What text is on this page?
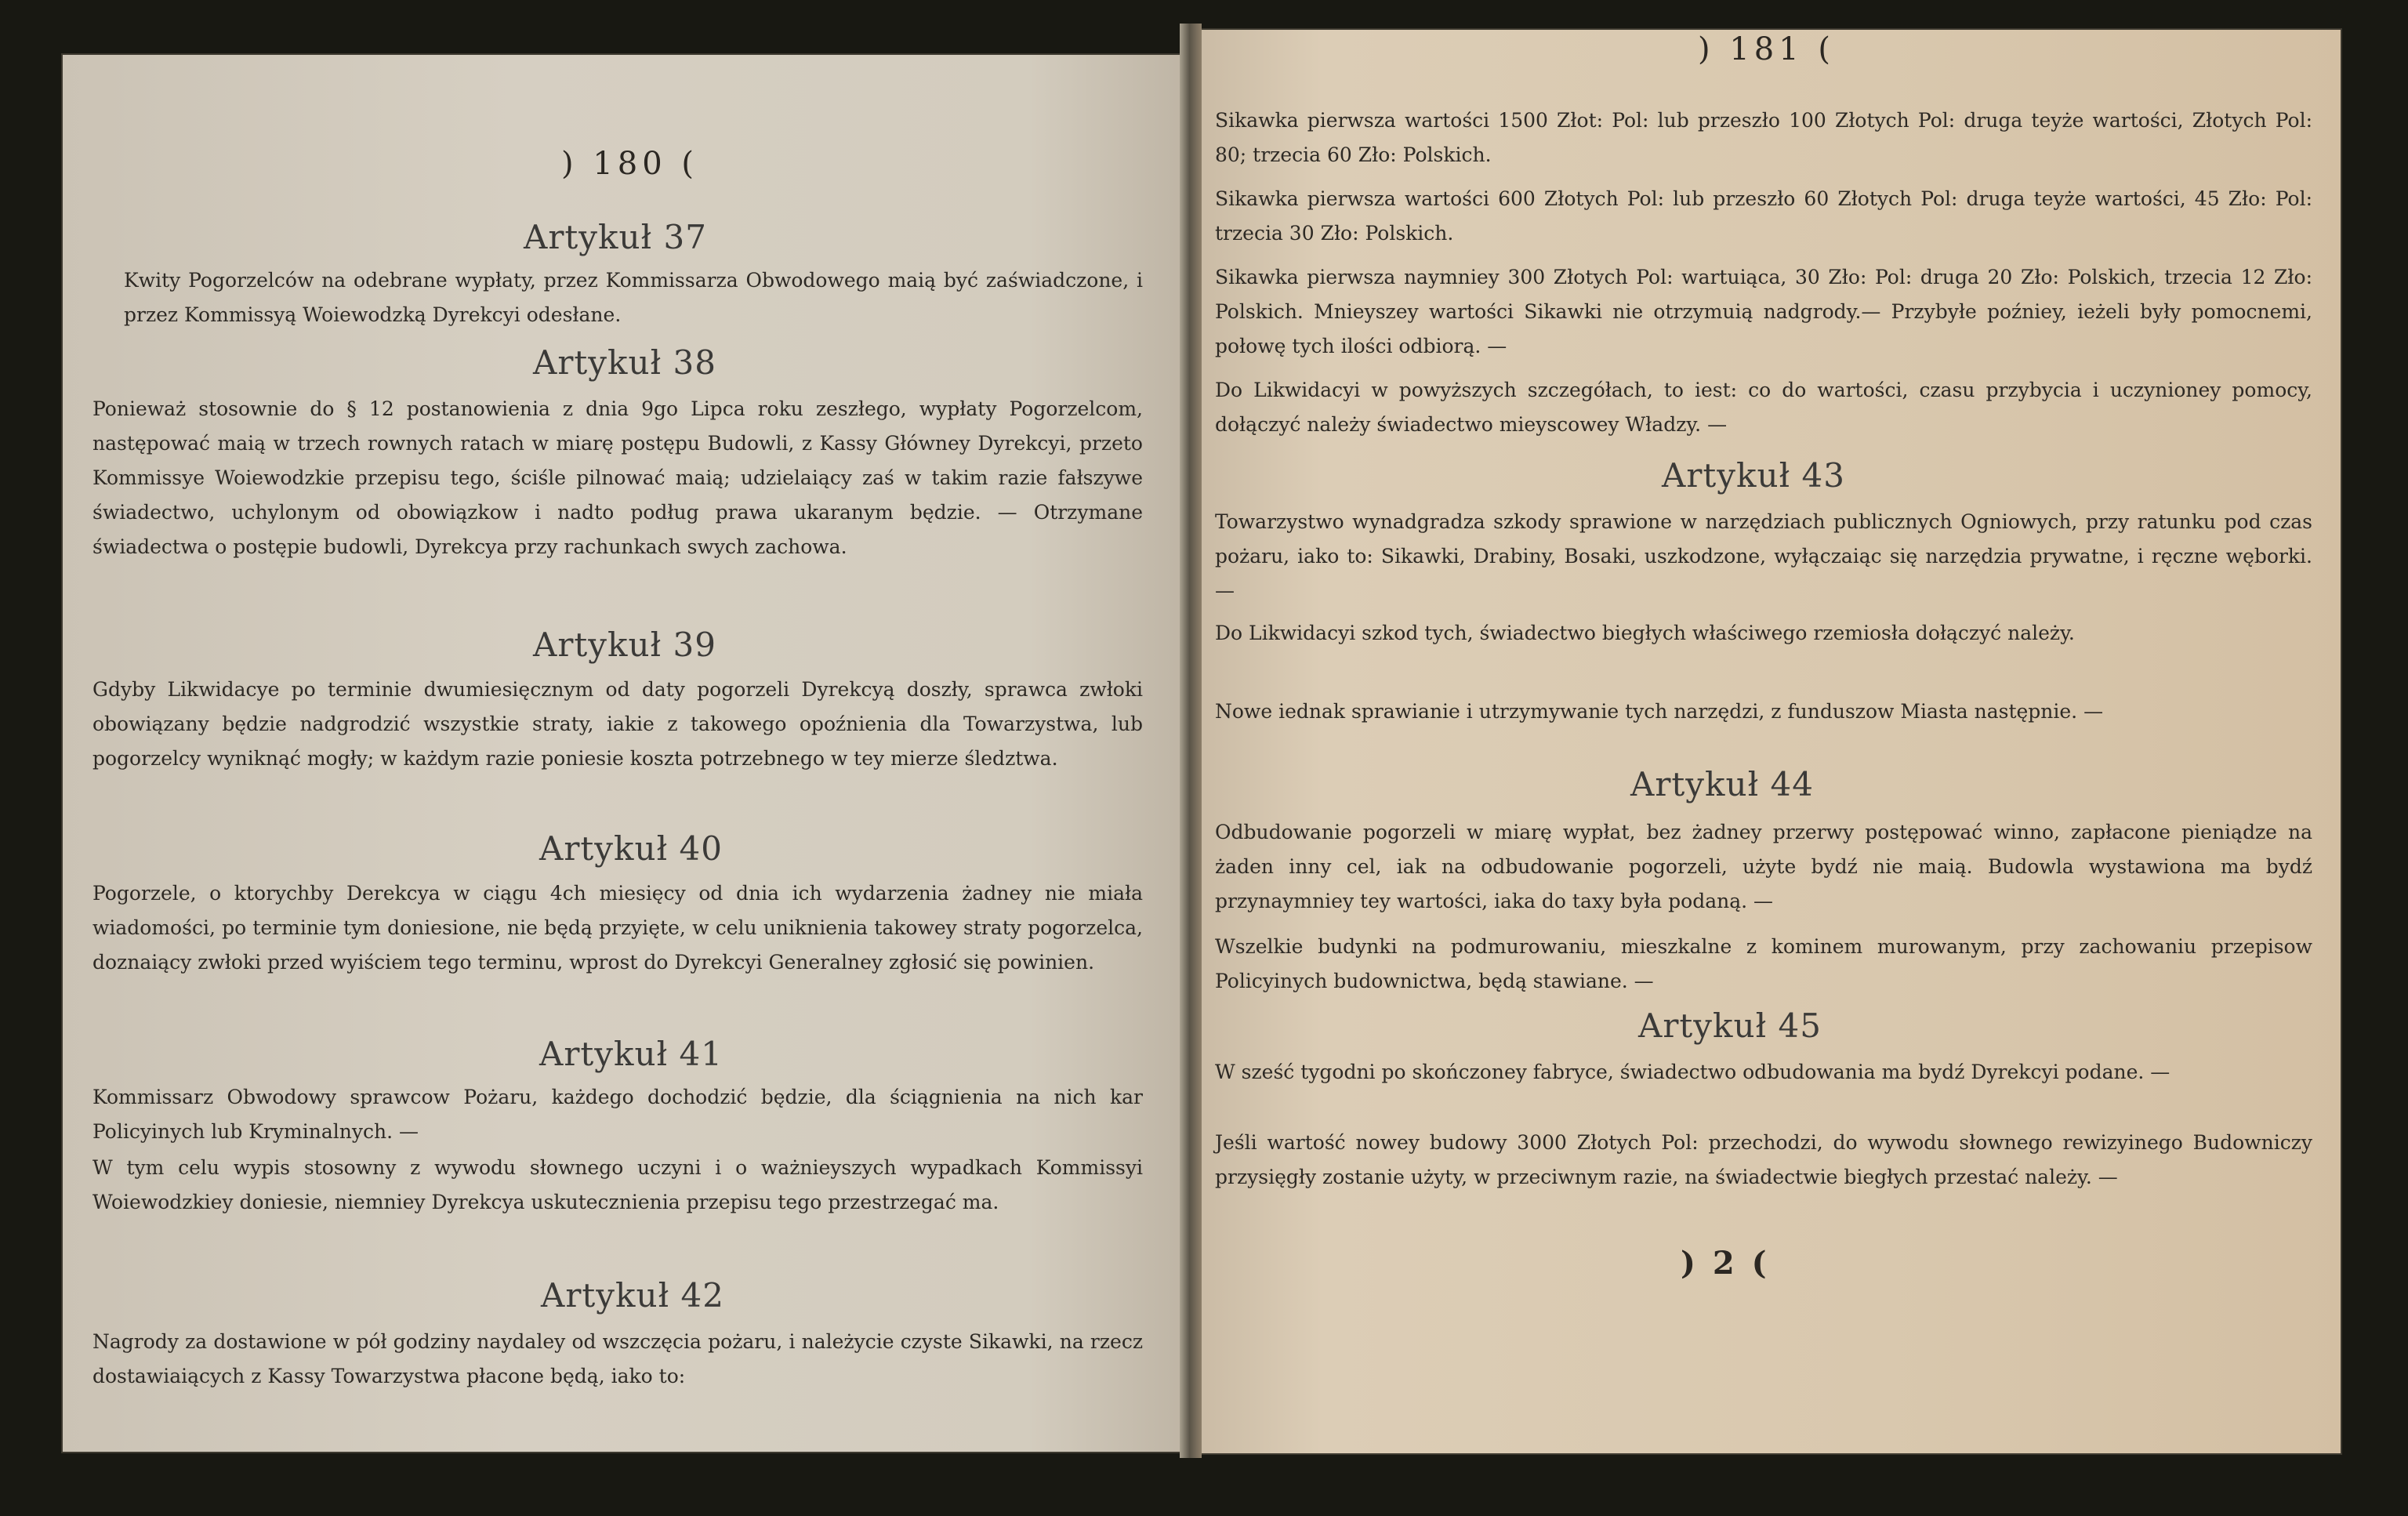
) 180 (
Artykuł 37

Kwity Pogorzelców na odebrane wypłaty, przez Kommissarza Obwodowego maią być zaświadczone, i przez Kommissyą Woiewodzką Dyrekcyi odesłane.

Artykuł 38

Ponieważ stosownie do § 12 postanowienia z dnia 9go Lipca roku zeszłego, wypłaty Pogorzelcom, następować maią w trzech rownych ratach w miarę postępu Budowli, z Kassy Główney Dyrekcyi, przeto Kommissye Woiewodzkie przepisu tego, ściśle pilnować maią; udzielaiący zaś w takim razie fałszywe świadectwo, uchylonym od obowiązkow i nadto podług prawa ukaranym będzie. — Otrzymane świadectwa o postępie budowli, Dyrekcya przy rachunkach swych zachowa.

Artykuł 39

Gdyby Likwidacye po terminie dwumiesięcznym od daty pogorzeli Dyrekcyą doszły, sprawca zwłoki obowiązany będzie nadgrodzić wszystkie straty, iakie z takowego opoźnienia dla Towarzystwa, lub pogorzelcy wyniknąć mogły; w każdym razie poniesie koszta potrzebnego w tey mierze śledztwa.

Artykuł 40

Pogorzele, o ktorychby Derekcya w ciągu 4ch miesięcy od dnia ich wydarzenia żadney nie miała wiadomości, po terminie tym doniesione, nie będą przyięte, w celu uniknienia takowey straty pogorzelca, doznaiący zwłoki przed wyiściem tego terminu, wprost do Dyrekcyi Generalney zgłosić się powinien.

Artykuł 41

Kommissarz Obwodowy sprawcow Pożaru, każdego dochodzić będzie, dla ściągnienia na nich kar Policyinych lub Kryminalnych. —

W tym celu wypis stosowny z wywodu słownego uczyni i o ważnieyszych wypadkach Kommissyi Woiewodzkiey doniesie, niemniey Dyrekcya uskutecznienia przepisu tego przestrzegać ma.

Artykuł 42

Nagrody za dostawione w pół godziny naydaley od wszczęcia pożaru, i należycie czyste Sikawki, na rzecz dostawiaiących z Kassy Towarzystwa płacone będą, iako to:

) 181 (

Sikawka pierwsza wartości 1500 Złot: Pol: lub przeszło 100 Złotych Pol: druga teyże wartości, Złotych Pol: 80; trzecia 60 Zło: Polskich.

Sikawka pierwsza wartości 600 Złotych Pol: lub przeszło 60 Złotych Pol: druga teyże wartości, 45 Zło: Pol: trzecia 30 Zło: Polskich.

Sikawka pierwsza naymniey 300 Złotych Pol: wartuiąca, 30 Zło: Pol: druga 20 Zło: Polskich, trzecia 12 Zło: Polskich. Mnieyszey wartości Sikawki nie otrzymuią nadgrody.— Przybyłe poźniey, ieżeli były pomocnemi, połowę tych ilości odbiorą. —

Do Likwidacyi w powyższych szczegółach, to iest: co do wartości, czasu przybycia i uczynioney pomocy, dołączyć należy świadectwo mieyscowey Władzy. —

Artykuł 43

Towarzystwo wynadgradza szkody sprawione w narzędziach publicznych Ogniowych, przy ratunku pod czas pożaru, iako to: Sikawki, Drabiny, Bosaki, uszkodzone, wyłączaiąc się narzędzia prywatne, i ręczne węborki. —

Do Likwidacyi szkod tych, świadectwo biegłych właściwego rzemiosła dołączyć należy.

Nowe iednak sprawianie i utrzymywanie tych narzędzi, z funduszow Miasta następnie. —

Artykuł 44

Odbudowanie pogorzeli w miarę wypłat, bez żadney przerwy postępować winno, zapłacone pieniądze na żaden inny cel, iak na odbudowanie pogorzeli, użyte bydź nie maią. Budowla wystawiona ma bydź przynaymniey tey wartości, iaka do taxy była podaną. —

Wszelkie budynki na podmurowaniu, mieszkalne z kominem murowanym, przy zachowaniu przepisow Policyinych budownictwa, będą stawiane. —

Artykuł 45

W sześć tygodni po skończoney fabryce, świadectwo odbudowania ma bydź Dyrekcyi podane. —

Jeśli wartość nowey budowy 3000 Złotych Pol: przechodzi, do wywodu słownego rewizyinego Budowniczy przysięgły zostanie użyty, w przeciwnym razie, na świadectwie biegłych przestać należy. —

) 2 (
